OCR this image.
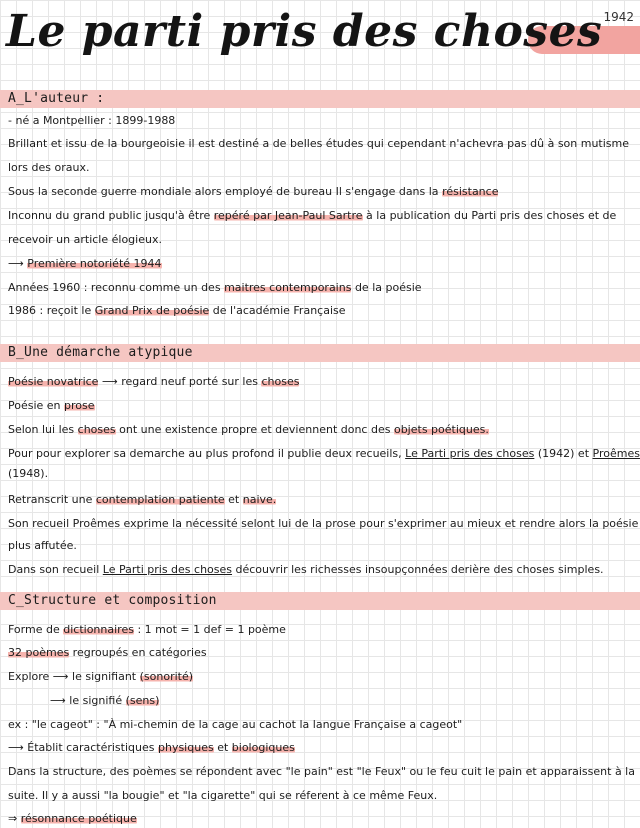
Le parti pris des choses 1942
A_L'auteur :
- né a Montpellier : 1899-1988
Brillant et issu de la bourgeoisie il est destiné a de belles études qui cependant n'achevra pas dû à son mutisme
lors des oraux.
Sous la seconde guerre mondiale alors employé de bureau Il s'engage dans la résistance
Inconnu du grand public jusqu'à être repéré par Jean-Paul Sartre à la publication du Parti pris des choses et de
recevoir un article élogieux.
⟶ Première notoriété 1944
Années 1960 : reconnu comme un des maitres contemporains de la poésie
1986 : reçoit le Grand Prix de poésie de l'académie Française
B_Une démarche atypique
Poésie novatrice ⟶ regard neuf porté sur les choses
Poésie en prose
Selon lui les choses ont une existence propre et deviennent donc des objets poétiques.
Pour pour explorer sa demarche au plus profond il publie deux recueils, Le Parti pris des choses (1942) et Proêmes
(1948).
Retranscrit une contemplation patiente et naive.
Son recueil Proêmes exprime la nécessité selont lui de la prose pour s'exprimer au mieux et rendre alors la poésie
plus affutée.
Dans son recueil Le Parti pris des choses découvrir les richesses insoupçonnées derière des choses simples.
C_Structure et composition
Forme de dictionnaires : 1 mot = 1 def = 1 poème
32 poèmes regroupés en catégories
Explore ⟶ le signifiant (sonorité)
⟶ le signifié (sens)
ex : "le cageot" : "À mi-chemin de la cage au cachot la langue Française a cageot"
⟶ Établit caractéristiques physiques et biologiques
Dans la structure, des poèmes se répondent avec "le pain" est "le Feux" ou le feu cuit le pain et apparaissent à la
suite. Il y a aussi "la bougie" et "la cigarette" qui se réferent à ce même Feux.
⇒ résonnance poétique
